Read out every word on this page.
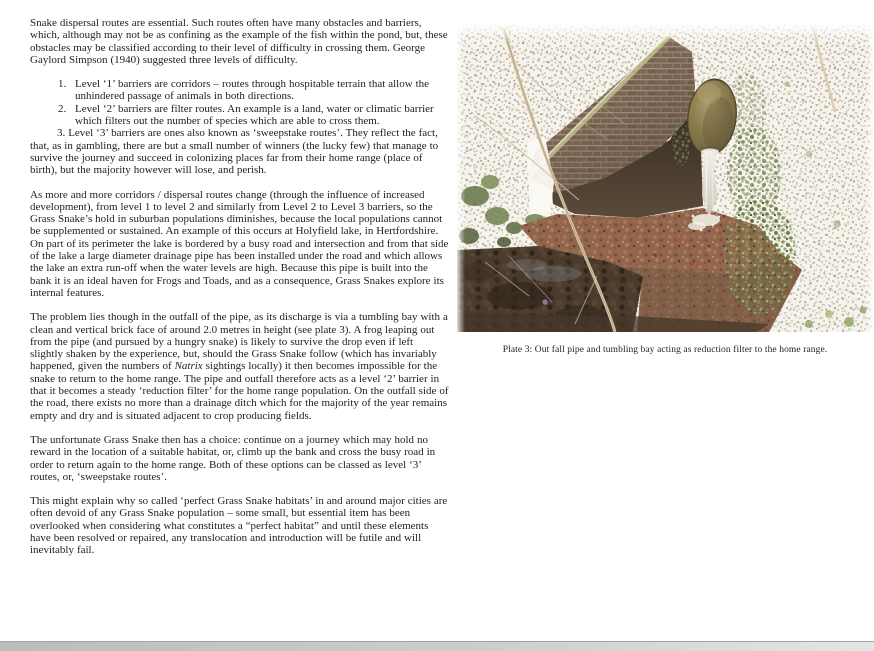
Snake dispersal routes are essential. Such routes often have many obstacles and barriers, which, although may not be as confining as the example of the fish within the pond, but, these obstacles may be classified according to their level of difficulty in crossing them. George Gaylord Simpson (1940) suggested three levels of difficulty.

1. Level ‘1’ barriers are corridors – routes through hospitable terrain that allow the unhindered passage of animals in both directions.
2. Level ‘2’ barriers are filter routes. An example is a land, water or climatic barrier which filters out the number of species which are able to cross them.

3. Level ‘3’ barriers are ones also known as ‘sweepstake routes’. They reflect the fact, that, as in gambling, there are but a small number of winners (the lucky few) that manage to survive the journey and succeed in colonizing places far from their home range (place of birth), but the majority however will lose, and perish.

As more and more corridors / dispersal routes change (through the influence of increased development), from level 1 to level 2 and similarly from Level 2 to Level 3 barriers, so the Grass Snake’s hold in suburban populations diminishes, because the local populations cannot be supplemented or sustained. An example of this occurs at Holyfield lake, in Hertfordshire. On part of its perimeter the lake is bordered by a busy road and intersection and from that side of the lake a large diameter drainage pipe has been installed under the road and which allows the lake an extra run-off when the water levels are high. Because this pipe is built into the bank it is an ideal haven for Frogs and Toads, and as a consequence, Grass Snakes explore its internal features.

The problem lies though in the outfall of the pipe, as its discharge is via a tumbling bay with a clean and vertical brick face of around 2.0 metres in height (see plate 3). A frog leaping out from the pipe (and pursued by a hungry snake) is likely to survive the drop even if left slightly shaken by the experience, but, should the Grass Snake follow (which has invariably happened, given the numbers of Natrix sightings locally) it then becomes impossible for the snake to return to the home range. The pipe and outfall therefore acts as a level ‘2’ barrier in that it becomes a steady ‘reduction filter’ for the home range population. On the outfall side of the road, there exists no more than a drainage ditch which for the majority of the year remains empty and dry and is situated adjacent to crop producing fields.

The unfortunate Grass Snake then has a choice: continue on a journey which may hold no reward in the location of a suitable habitat, or, climb up the bank and cross the busy road in order to return again to the home range. Both of these options can be classed as level ‘3’ routes, or, ‘sweepstake routes’.

This might explain why so called ‘perfect Grass Snake habitats’ in and around major cities are often devoid of any Grass Snake population – some small, but essential item has been overlooked when considering what constitutes a “perfect habitat” and until these elements have been resolved or repaired, any translocation and introduction will be futile and will inevitably fail.

Plate 3: Out fall pipe and tumbling bay acting as reduction filter to the home range.
